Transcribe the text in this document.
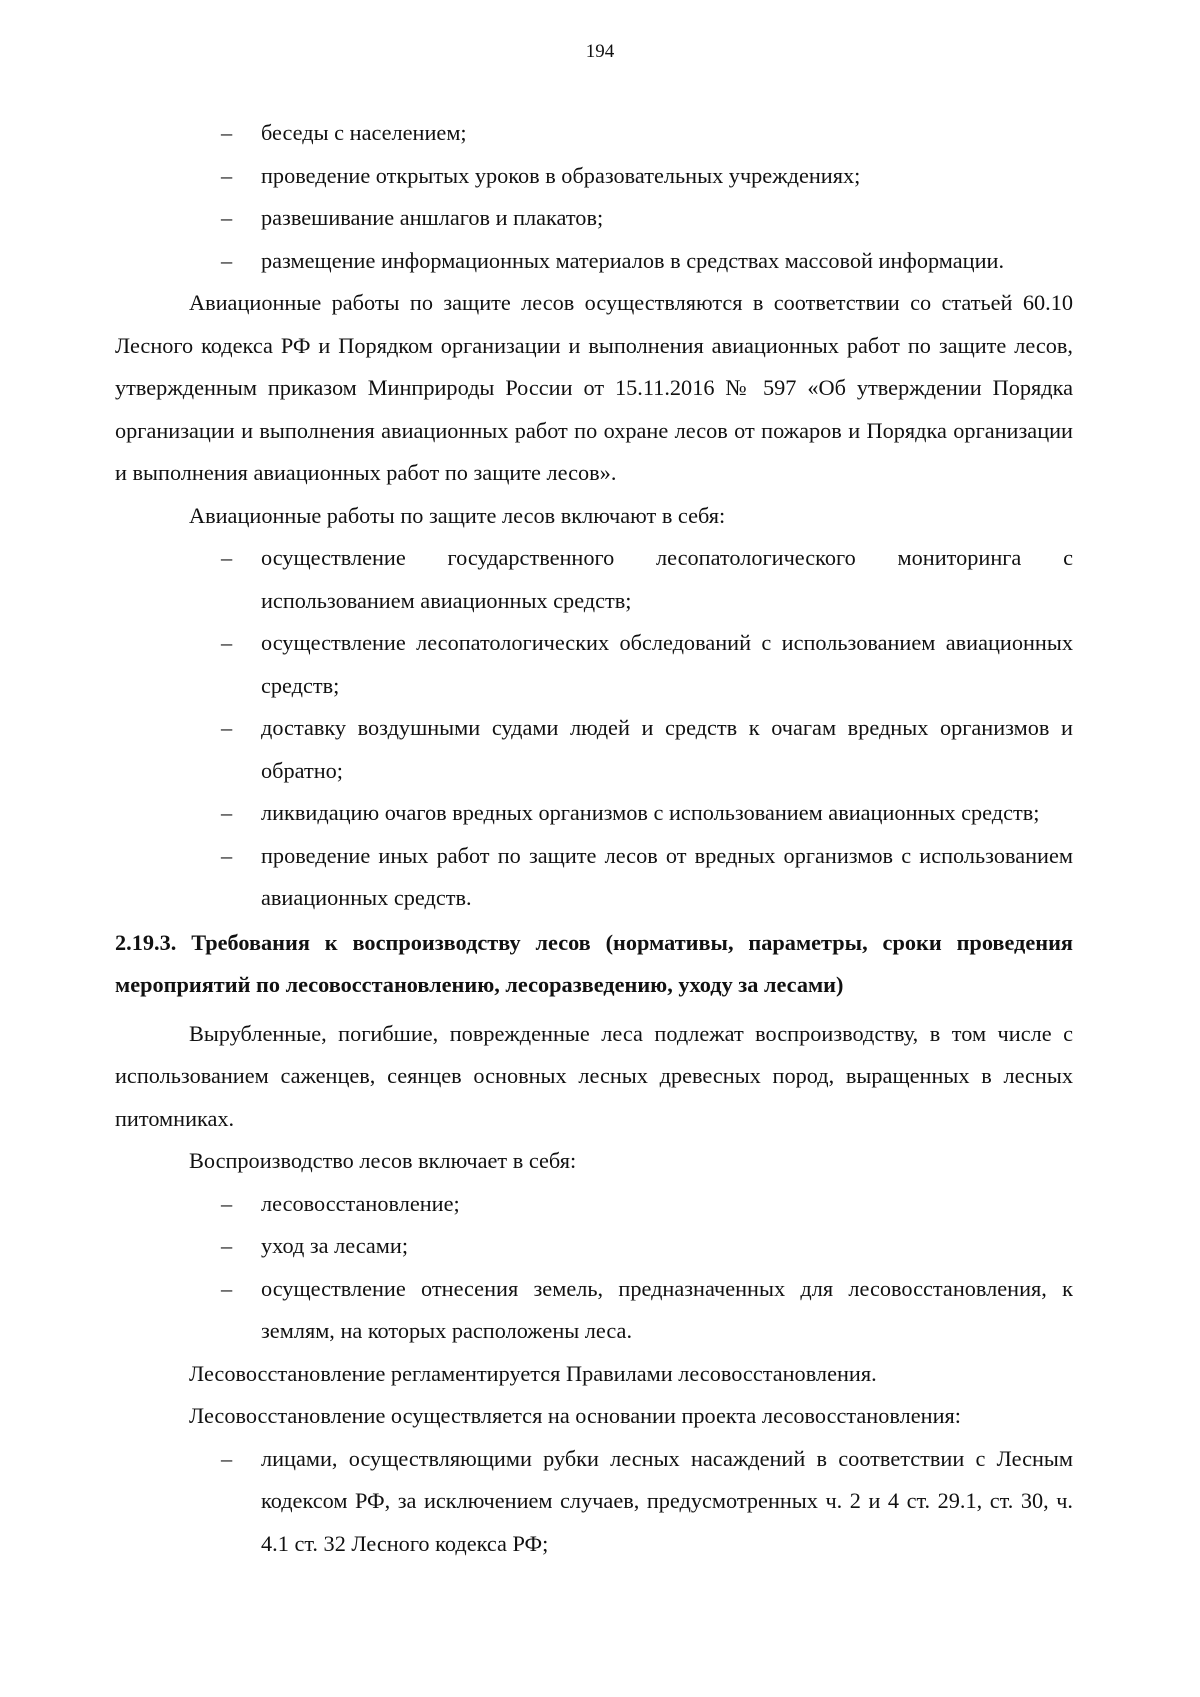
194
– беседы с населением;
– проведение открытых уроков в образовательных учреждениях;
– развешивание аншлагов и плакатов;
– размещение информационных материалов в средствах массовой информации.
Авиационные работы по защите лесов осуществляются в соответствии со статьей 60.10 Лесного кодекса РФ и Порядком организации и выполнения авиационных работ по защите лесов, утвержденным приказом Минприроды России от 15.11.2016 № 597 «Об утверждении Порядка организации и выполнения авиационных работ по охране лесов от пожаров и Порядка организации и выполнения авиационных работ по защите лесов».
Авиационные работы по защите лесов включают в себя:
– осуществление государственного лесопатологического мониторинга с использованием авиационных средств;
– осуществление лесопатологических обследований с использованием авиационных средств;
– доставку воздушными судами людей и средств к очагам вредных организмов и обратно;
– ликвидацию очагов вредных организмов с использованием авиационных средств;
– проведение иных работ по защите лесов от вредных организмов с использованием авиационных средств.
2.19.3. Требования к воспроизводству лесов (нормативы, параметры, сроки проведения мероприятий по лесовосстановлению, лесоразведению, уходу за лесами)
Вырубленные, погибшие, поврежденные леса подлежат воспроизводству, в том числе с использованием саженцев, сеянцев основных лесных древесных пород, выращенных в лесных питомниках.
Воспроизводство лесов включает в себя:
– лесовосстановление;
– уход за лесами;
– осуществление отнесения земель, предназначенных для лесовосстановления, к землям, на которых расположены леса.
Лесовосстановление регламентируется Правилами лесовосстановления.
Лесовосстановление осуществляется на основании проекта лесовосстановления:
– лицами, осуществляющими рубки лесных насаждений в соответствии с Лесным кодексом РФ, за исключением случаев, предусмотренных ч. 2 и 4 ст. 29.1, ст. 30, ч. 4.1 ст. 32 Лесного кодекса РФ;
